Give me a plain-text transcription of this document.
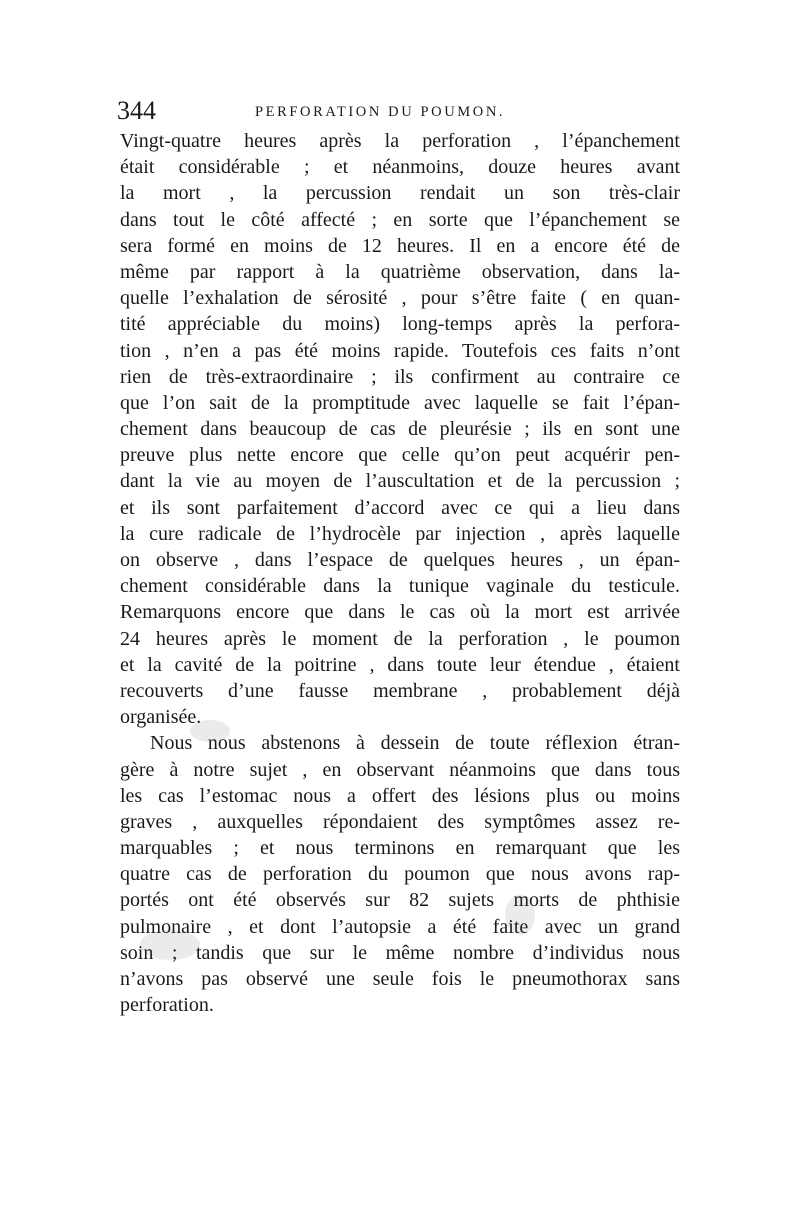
344	PERFORATION DU POUMON.
Vingt-quatre heures après la perforation , l’épanchement
était considérable ; et néanmoins, douze heures avant
la mort , la percussion rendait un son très-clair
dans tout le côté affecté ; en sorte que l’épanchement se
sera formé en moins de 12 heures. Il en a encore été de
même par rapport à la quatrième observation, dans la-
quelle l’exhalation de sérosité , pour s’être faite ( en quan-
tité appréciable du moins) long-temps après la perfora-
tion , n’en a pas été moins rapide. Toutefois ces faits n’ont
rien de très-extraordinaire ; ils confirment au contraire ce
que l’on sait de la promptitude avec laquelle se fait l’épan-
chement dans beaucoup de cas de pleurésie ; ils en sont une
preuve plus nette encore que celle qu’on peut acquérir pen-
dant la vie au moyen de l’auscultation et de la percussion ;
et ils sont parfaitement d’accord avec ce qui a lieu dans
la cure radicale de l’hydrocèle par injection , après laquelle
on observe , dans l’espace de quelques heures , un épan-
chement considérable dans la tunique vaginale du testicule.
Remarquons encore que dans le cas où la mort est arrivée
24 heures après le moment de la perforation , le poumon
et la cavité de la poitrine , dans toute leur étendue , étaient
recouverts d’une fausse membrane , probablement déjà
organisée.
Nous nous abstenons à dessein de toute réflexion étran-
gère à notre sujet , en observant néanmoins que dans tous
les cas l’estomac nous a offert des lésions plus ou moins
graves , auxquelles répondaient des symptômes assez re-
marquables ; et nous terminons en remarquant que les
quatre cas de perforation du poumon que nous avons rap-
portés ont été observés sur 82 sujets morts de phthisie
pulmonaire , et dont l’autopsie a été faite avec un grand
soin ; tandis que sur le même nombre d’individus nous
n’avons pas observé une seule fois le pneumothorax sans
perforation.
